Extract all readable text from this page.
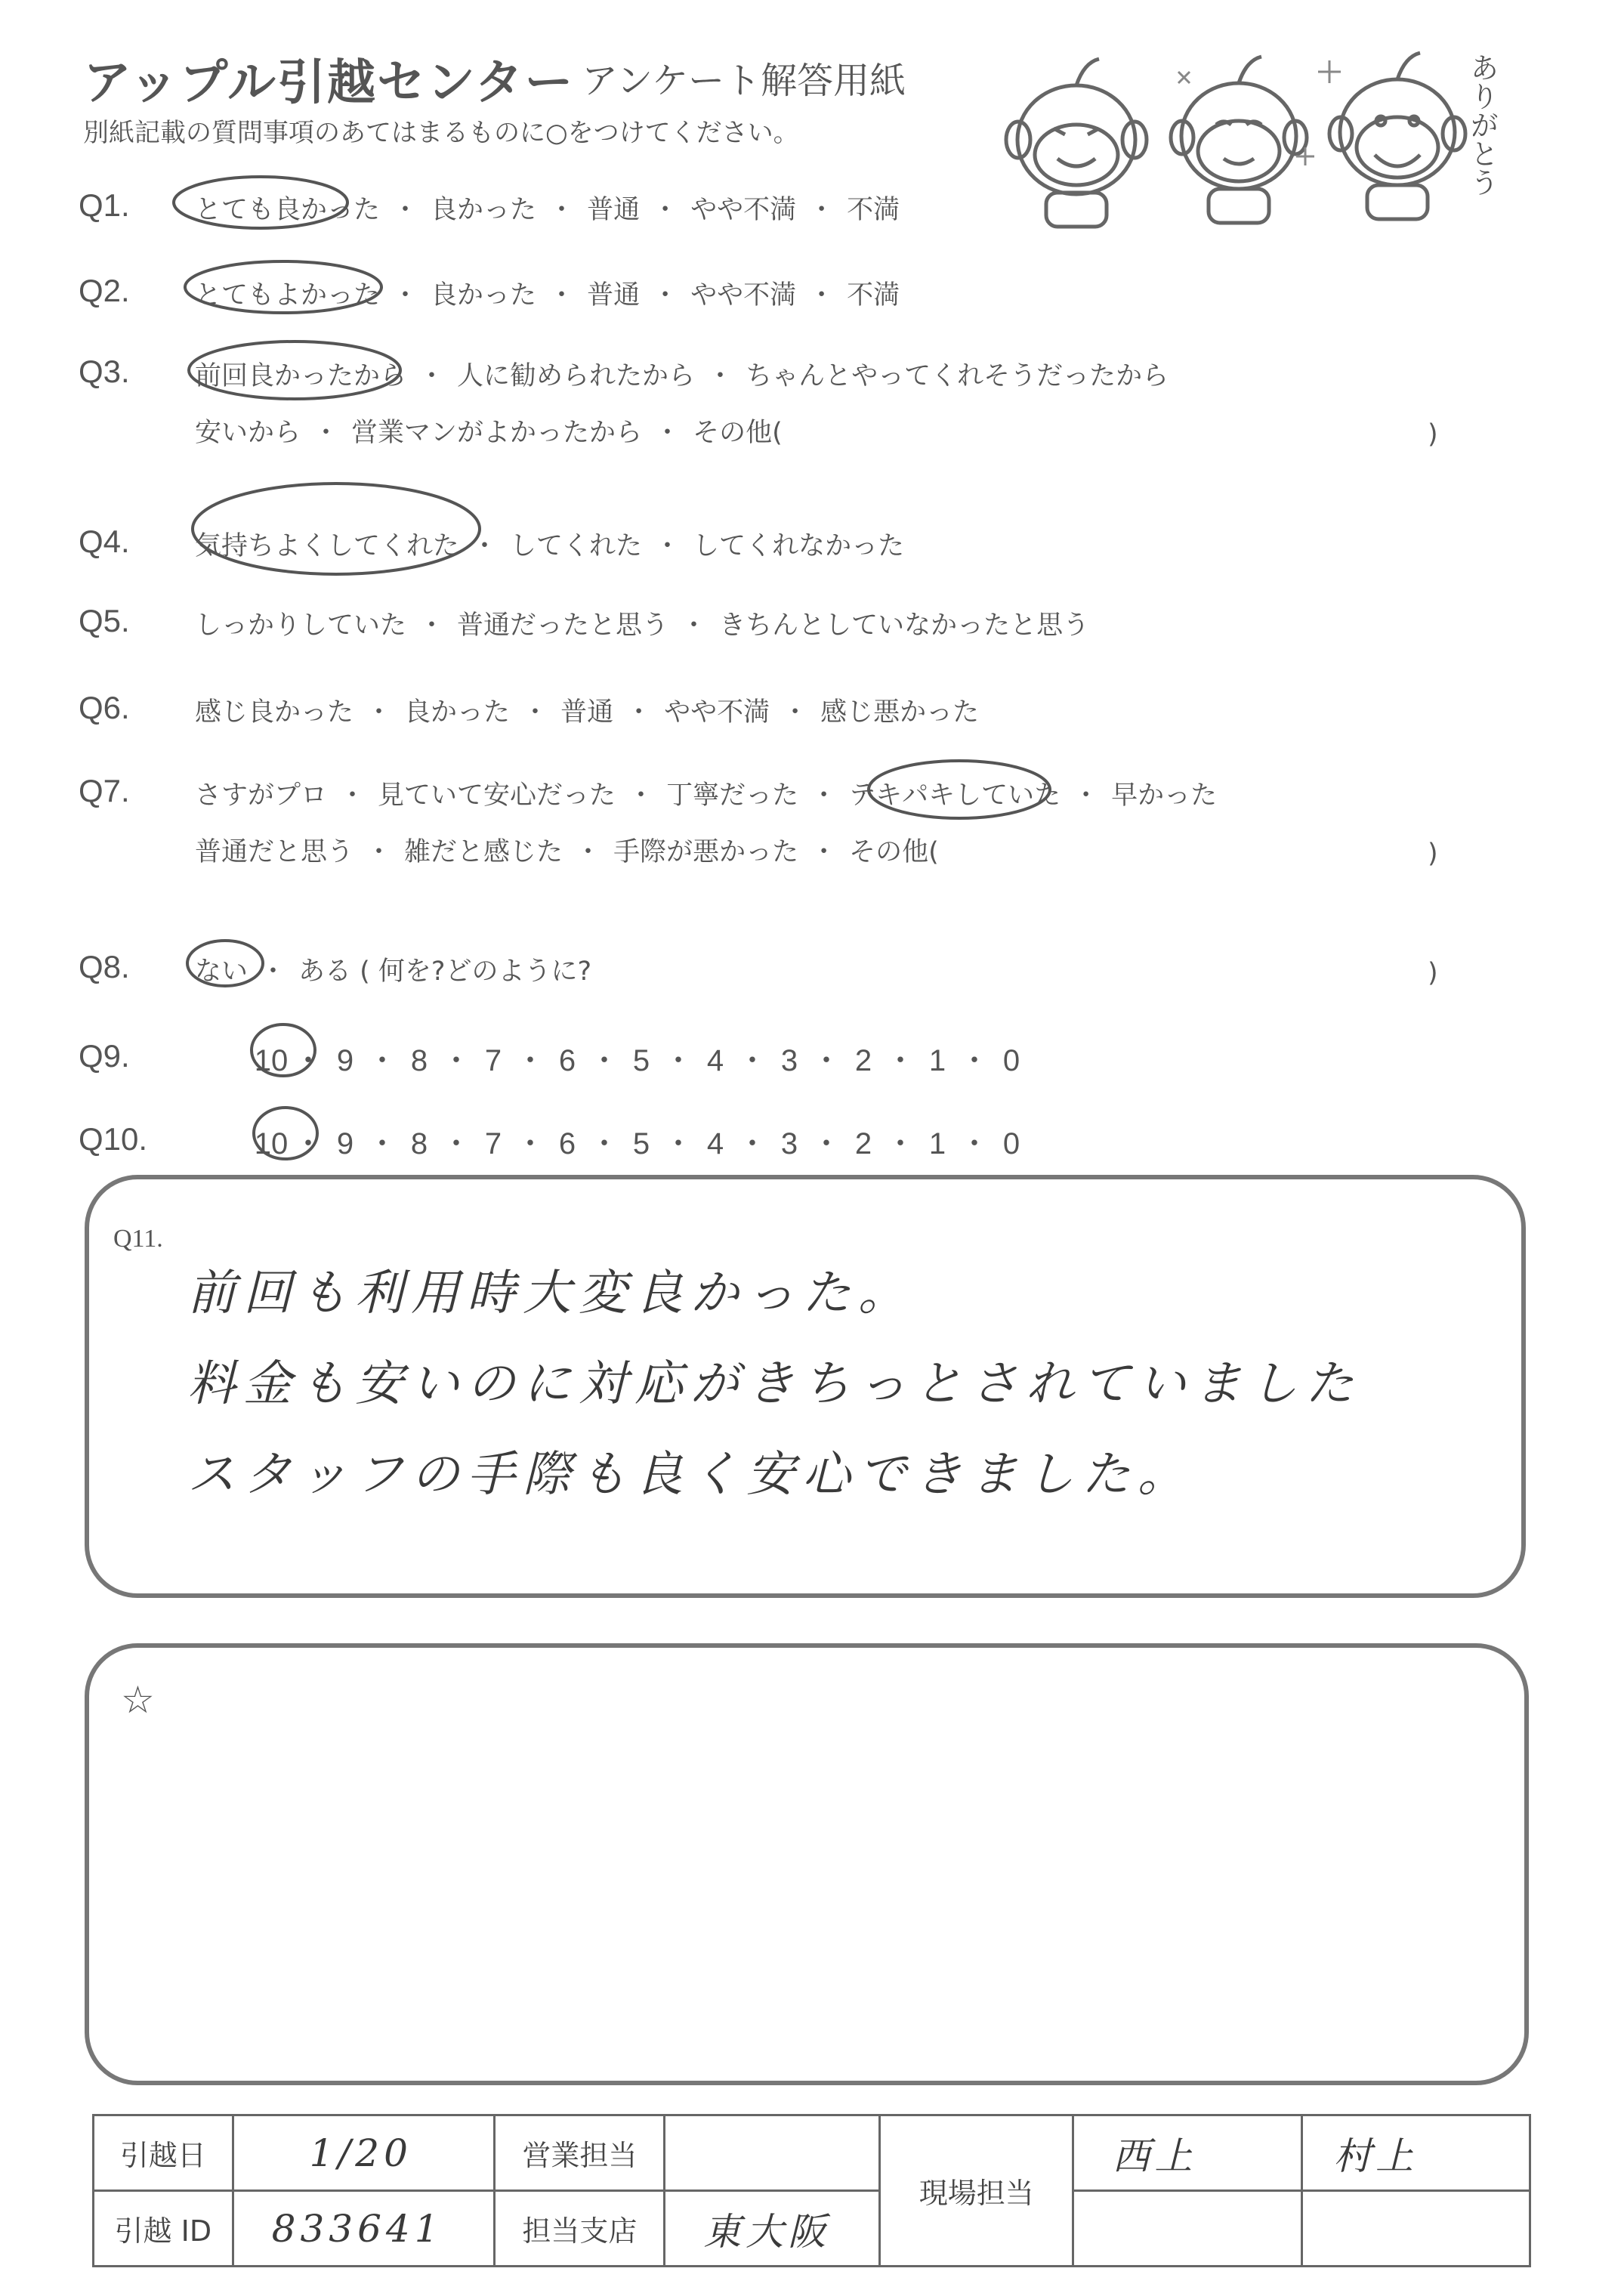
アップル引越センター アンケート解答用紙
別紙記載の質問事項のあてはまるものに○をつけてください。	ありがとう
Q1. とても良かった ・ 良かった ・ 普通 ・ やや不満 ・ 不満
Q2. とてもよかった ・ 良かった ・ 普通 ・ やや不満 ・ 不満
Q3. 前回良かったから ・ 人に勧められたから ・ ちゃんとやってくれそうだったから
安いから ・ 営業マンがよかったから ・ その他(
Q4. 気持ちよくしてくれた ・ してくれた ・ してくれなかった
Q5. しっかりしていた ・ 普通だったと思う ・ きちんとしていなかったと思う
Q6. 感じ良かった ・ 良かった ・ 普通 ・ やや不満 ・ 感じ悪かった
Q7. さすがプロ ・ 見ていて安心だった ・ 丁寧だった ・ テキパキしていた ・ 早かった
普通だと思う ・ 雑だと感じた ・ 手際が悪かった ・ その他(
Q8. ない ・ ある ( 何を?どのように?
)
)
)
Q9.	10 ・ 9 ・ 8 ・ 7 ・ 6 ・ 5 ・ 4 ・ 3 ・ 2 ・ 1 ・ 0
Q10.	10 ・ 9 ・ 8 ・ 7 ・ 6 ・ 5 ・ 4 ・ 3 ・ 2 ・ 1 ・ 0
Q11.
前回も利用時大変良かった。
料金も安いのに対応がきちっとされていました
スタッフの手際も良く安心できました。
☆
引越日	1/20	営業担当		現場担当	西上	村上
引越 ID	833641	担当支店	東大阪			
